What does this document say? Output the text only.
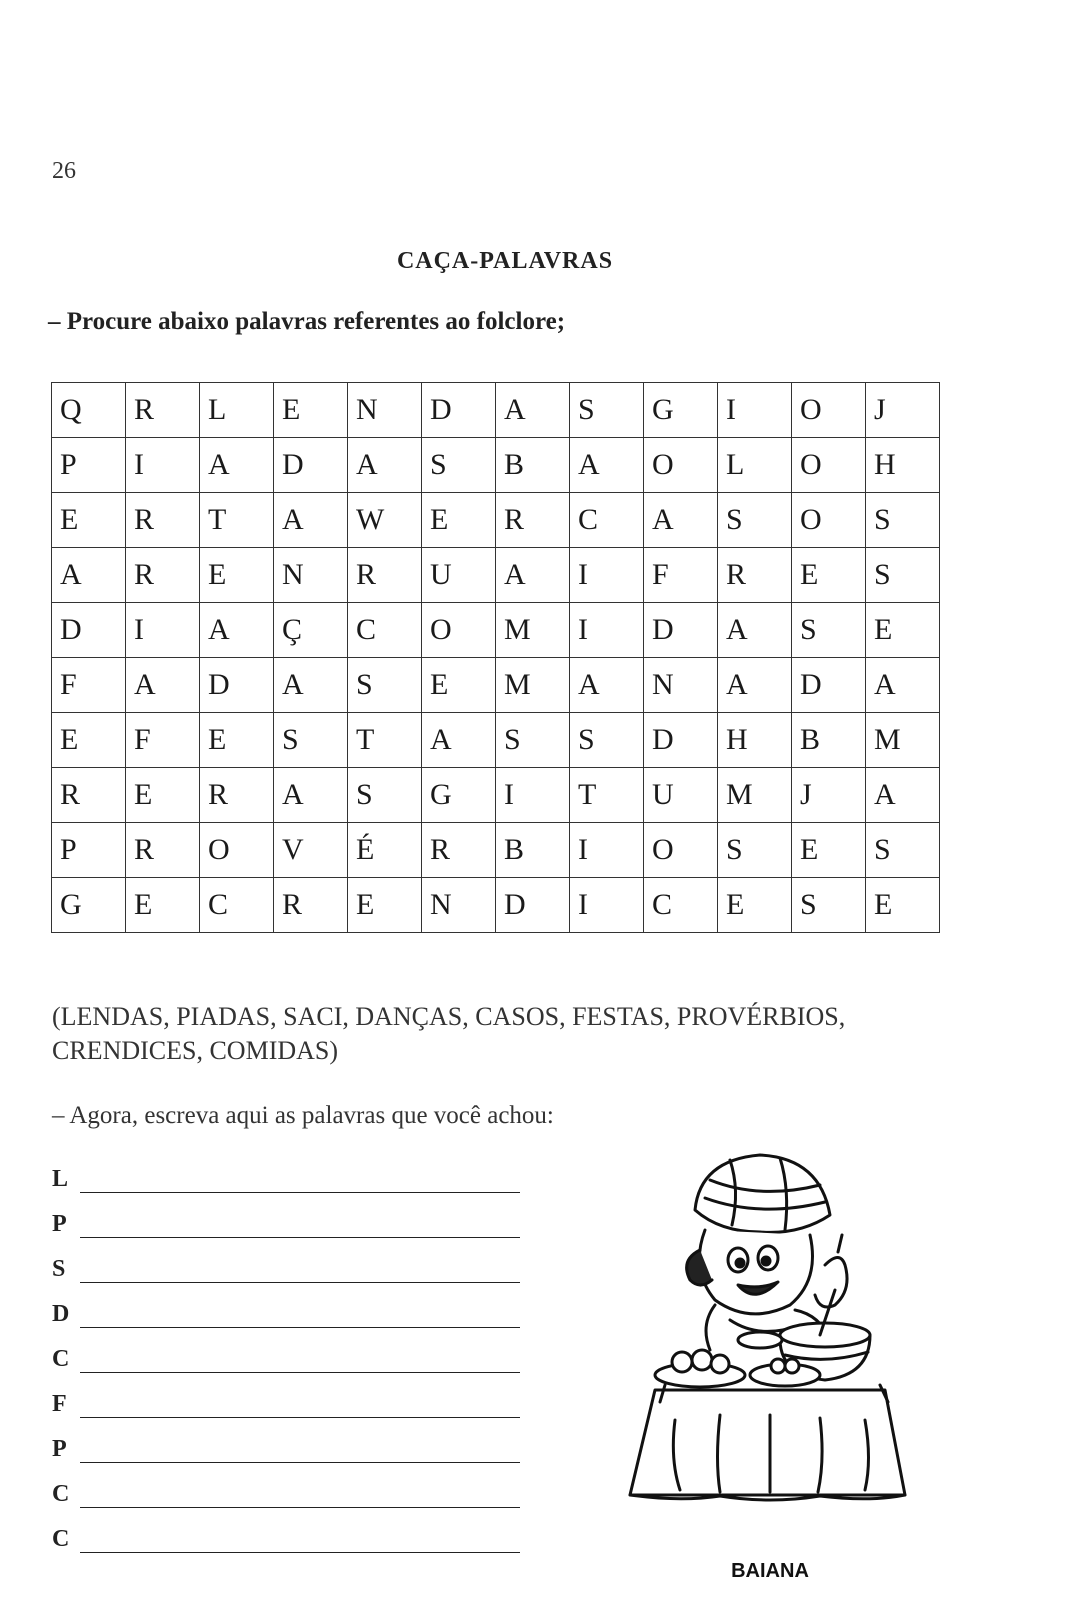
26
CAÇA-PALAVRAS
– Procure abaixo palavras referentes ao folclore;
Q	R	L	E	N	D	A	S	G	I	O	J
P	I	A	D	A	S	B	A	O	L	O	H
E	R	T	A	W	E	R	C	A	S	O	S
A	R	E	N	R	U	A	I	F	R	E	S
D	I	A	Ç	C	O	M	I	D	A	S	E
F	A	D	A	S	E	M	A	N	A	D	A
E	F	E	S	T	A	S	S	D	H	B	M
R	E	R	A	S	G	I	T	U	M	J	A
P	R	O	V	É	R	B	I	O	S	E	S
G	E	C	R	E	N	D	I	C	E	S	E
(LENDAS, PIADAS, SACI, DANÇAS, CASOS, FESTAS, PROVÉRBIOS, CRENDICES, COMIDAS)
– Agora, escreva aqui as palavras que você achou:
L
P
S
D
C
F
P
C
C
BAIANA
